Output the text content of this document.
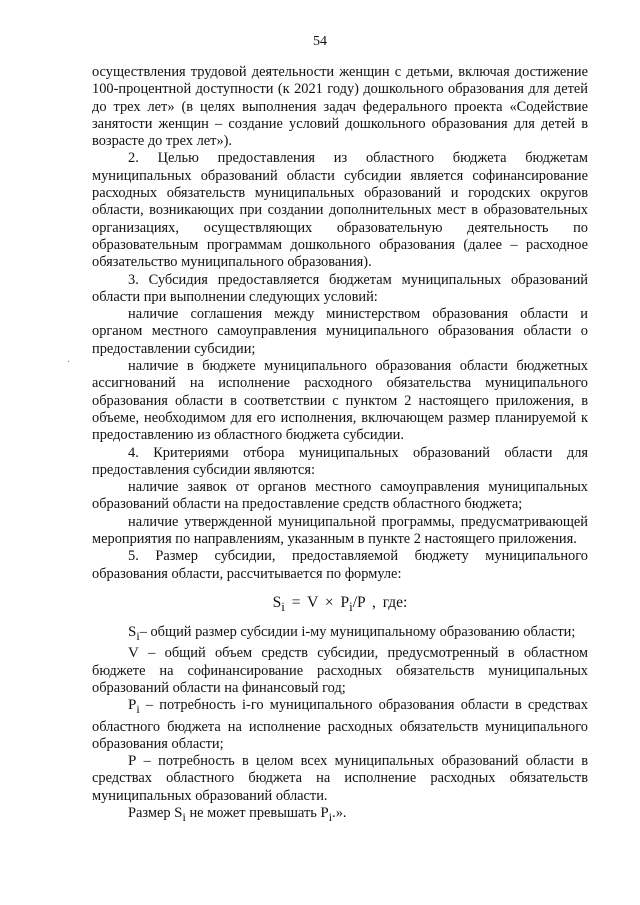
54
·

осуществления трудовой деятельности женщин с детьми, включая достижение 100-процентной доступности (к 2021 году) дошкольного образования для детей до трех лет» (в целях выполнения задач федерального проекта «Содействие занятости женщин – создание условий дошкольного образования для детей в возрасте до трех лет»).

2. Целью предоставления из областного бюджета бюджетам муниципальных образований области субсидии является софинансирование расходных обязательств муниципальных образований и городских округов области, возникающих при создании дополнительных мест в образовательных организациях, осуществляющих образовательную деятельность по образовательным программам дошкольного образования (далее – расходное обязательство муниципального образования).

3. Субсидия предоставляется бюджетам муниципальных образований области при выполнении следующих условий:

наличие соглашения между министерством образования области и органом местного самоуправления муниципального образования области о предоставлении субсидии;

наличие в бюджете муниципального образования области бюджетных ассигнований на исполнение расходного обязательства муниципального образования области в соответствии с пунктом 2 настоящего приложения, в объеме, необходимом для его исполнения, включающем размер планируемой к предоставлению из областного бюджета субсидии.

4. Критериями отбора муниципальных образований области для предоставления субсидии являются:

наличие заявок от органов местного самоуправления муниципальных образований области на предоставление средств областного бюджета;

наличие утвержденной муниципальной программы, предусматривающей мероприятия по направлениям, указанным в пункте 2 настоящего приложения.

5. Размер субсидии, предоставляемой бюджету муниципального образования области, рассчитывается по формуле:

$S_i = V \times P_i/P$ , где:

$S_i-$ общий размер субсидии i-му муниципальному образованию области;

V – общий объем средств субсидии, предусмотренный в областном бюджете на софинансирование расходных обязательств муниципальных образований области на финансовый год;

$P_i$ – потребность i-го муниципального образования области в средствах областного бюджета на исполнение расходных обязательств муниципального образования области;

P – потребность в целом всех муниципальных образований области в средствах областного бюджета на исполнение расходных обязательств муниципальных образований области.

Размер $S_i$ не может превышать $P_i$.».
